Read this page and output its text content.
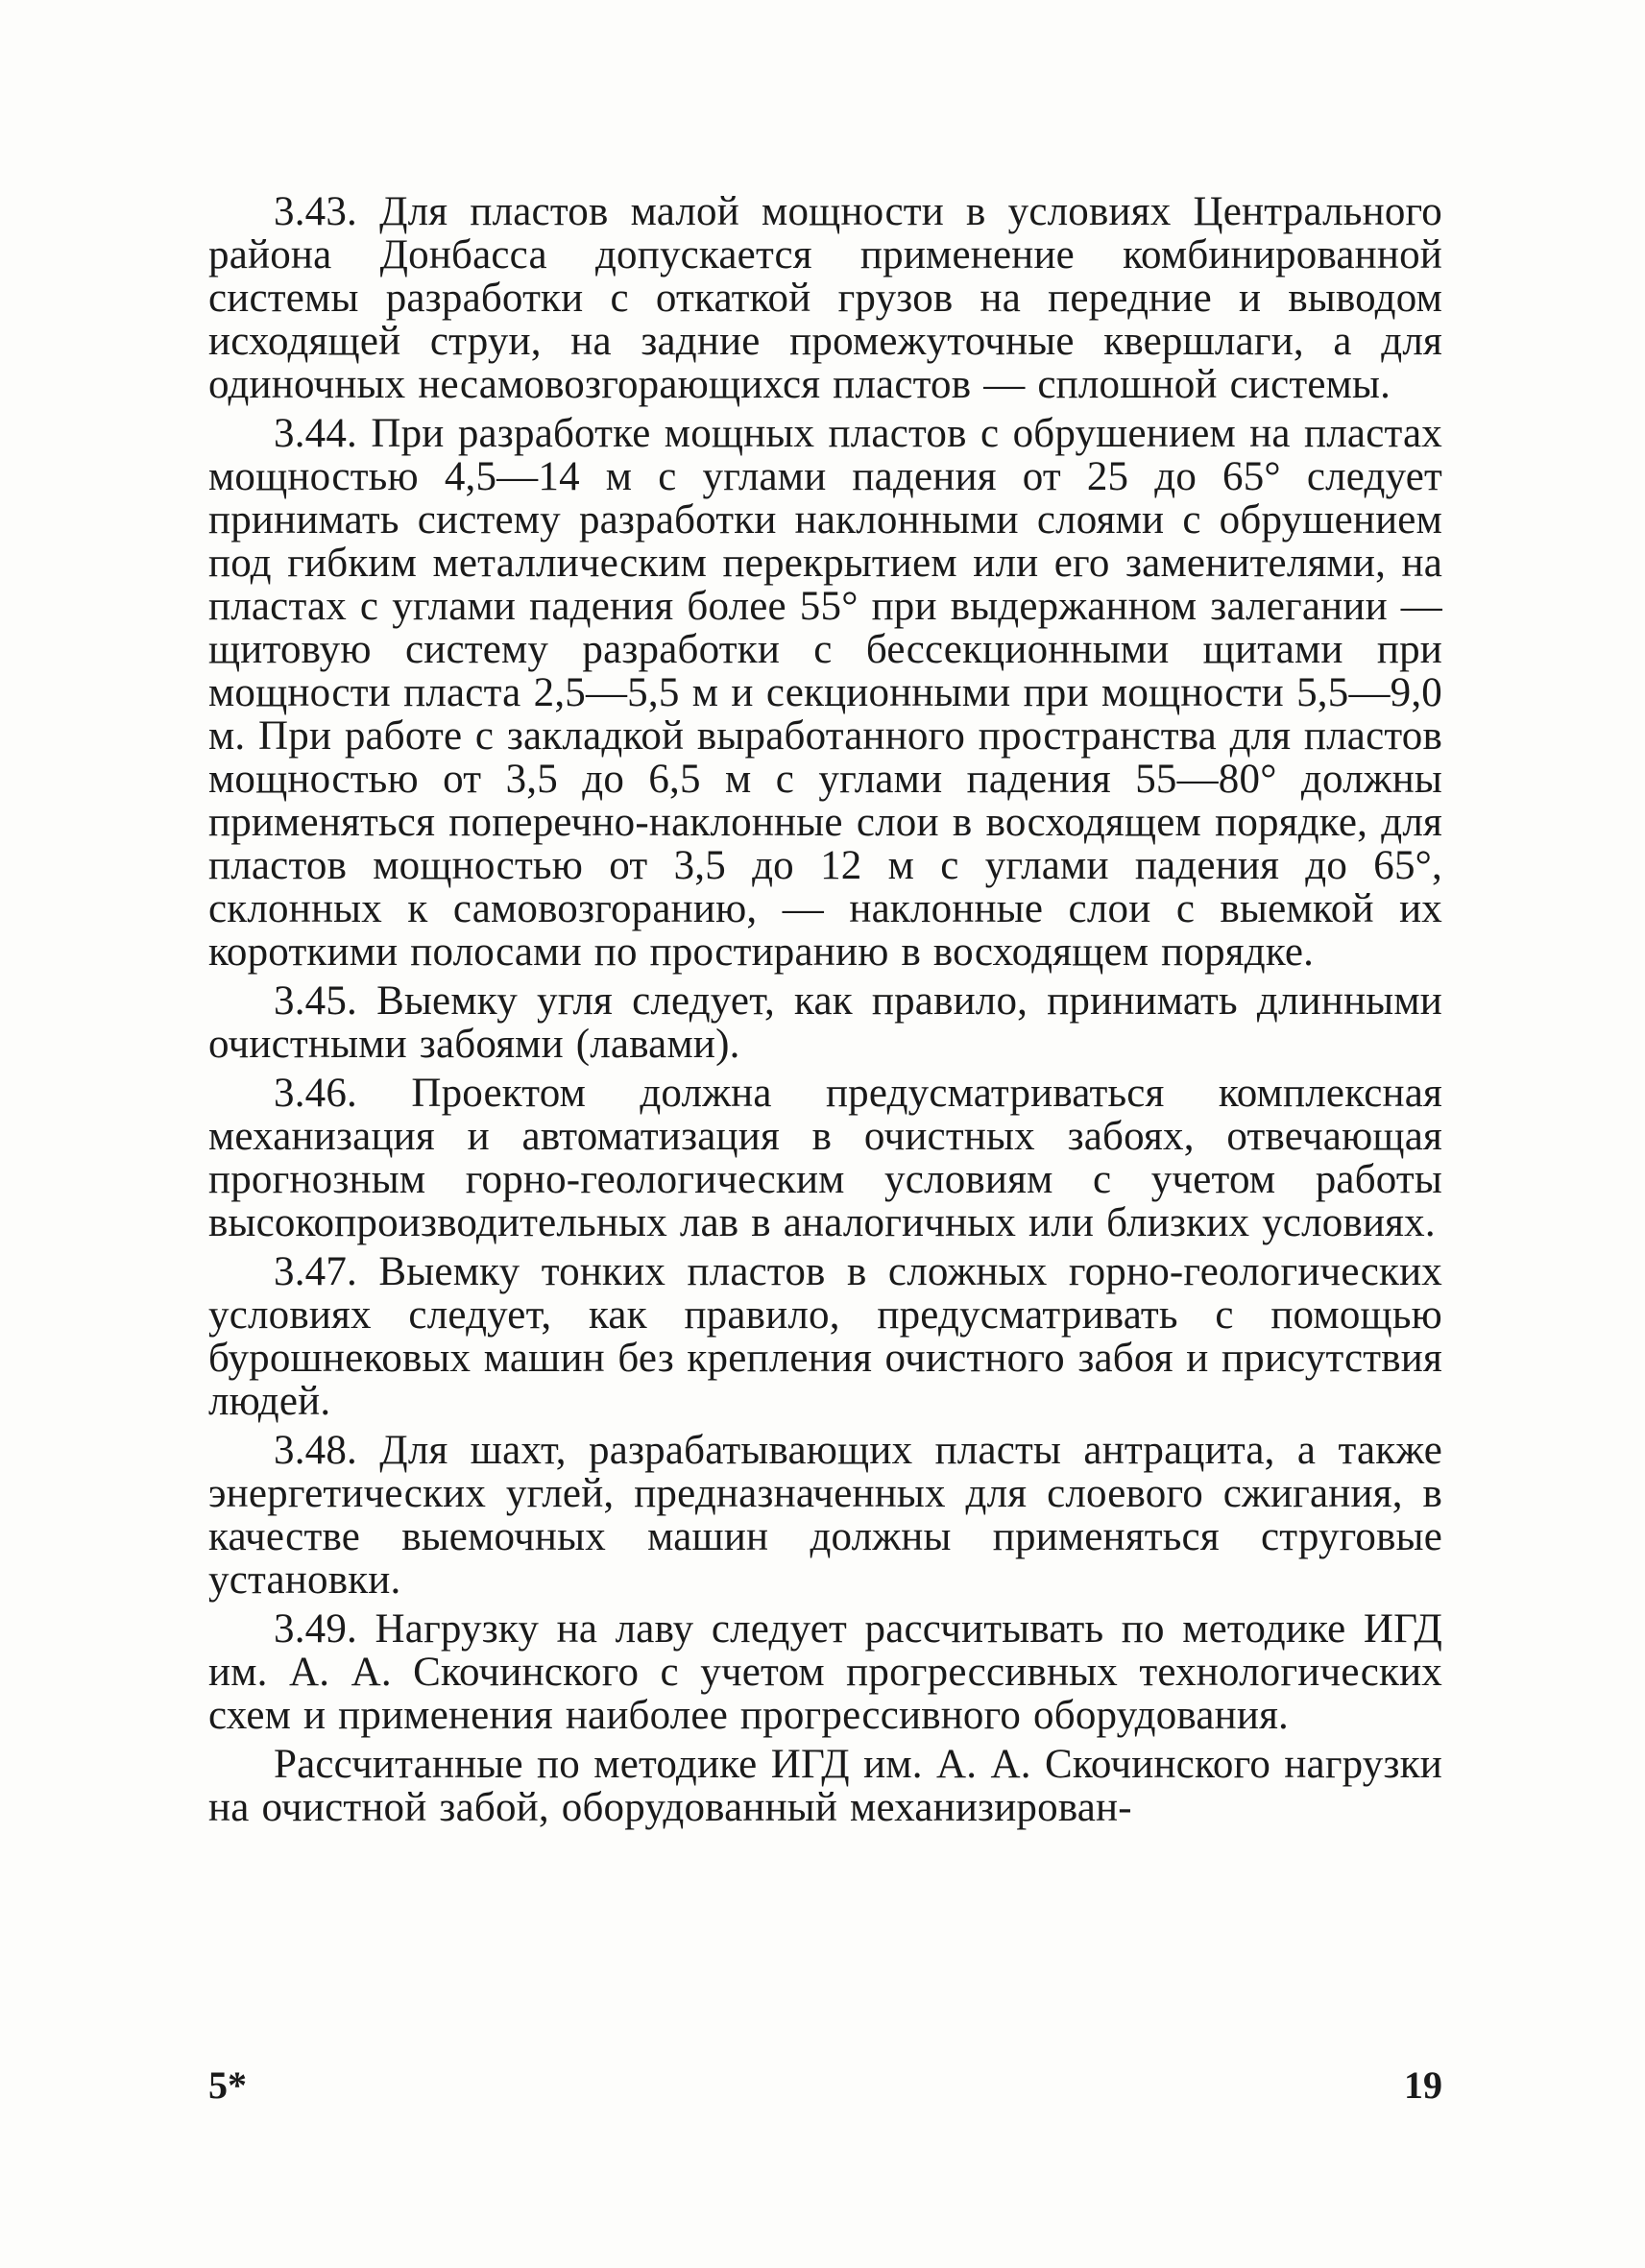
3.43. Для пластов малой мощности в условиях Центрального района Донбасса допускается применение комбинированной системы разработки с откаткой грузов на передние и выводом исходящей струи, на задние промежуточные квершлаги, а для одиночных несамовозгорающихся пластов — сплошной системы.

3.44. При разработке мощных пластов с обрушением на пластах мощностью 4,5—14 м с углами падения от 25 до 65° следует принимать систему разработки наклонными слоями с обрушением под гибким металлическим перекрытием или его заменителями, на пластах с углами падения более 55° при выдержанном залегании — щитовую систему разработки с бессекционными щитами при мощности пласта 2,5—5,5 м и секционными при мощности 5,5—9,0 м. При работе с закладкой выработанного пространства для пластов мощностью от 3,5 до 6,5 м с углами падения 55—80° должны применяться поперечно-наклонные слои в восходящем порядке, для пластов мощностью от 3,5 до 12 м с углами падения до 65°, склонных к самовозгоранию, — наклонные слои с выемкой их короткими полосами по простиранию в восходящем порядке.

3.45. Выемку угля следует, как правило, принимать длинными очистными забоями (лавами).

3.46. Проектом должна предусматриваться комплексная механизация и автоматизация в очистных забоях, отвечающая прогнозным горно-геологическим условиям с учетом работы высокопроизводительных лав в аналогичных или близких условиях.

3.47. Выемку тонких пластов в сложных горно-геологических условиях следует, как правило, предусматривать с помощью бурошнековых машин без крепления очистного забоя и присутствия людей.

3.48. Для шахт, разрабатывающих пласты антрацита, а также энергетических углей, предназначенных для слоевого сжигания, в качестве выемочных машин должны применяться струговые установки.

3.49. Нагрузку на лаву следует рассчитывать по методике ИГД им. А. А. Скочинского с учетом прогрессивных технологических схем и применения наиболее прогрессивного оборудования.

Рассчитанные по методике ИГД им. А. А. Скочинского нагрузки на очистной забой, оборудованный механизирован-

5*	19
